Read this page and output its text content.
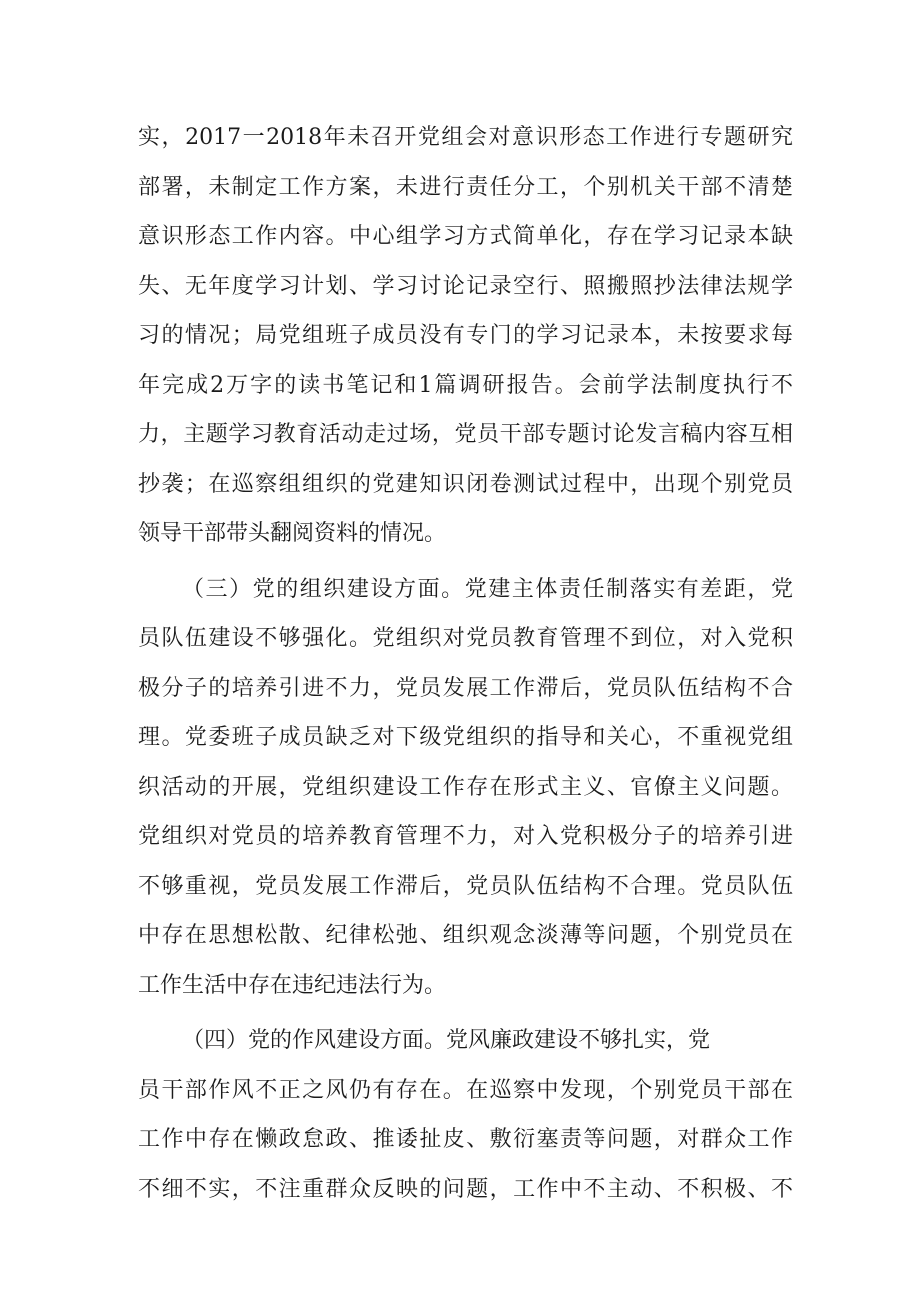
实，2017一2018年未召开党组会对意识形态工作进行专题研究
部署，未制定工作方案，未进行责任分工，个别机关干部不清楚
意识形态工作内容。中心组学习方式简单化，存在学习记录本缺
失、无年度学习计划、学习讨论记录空行、照搬照抄法律法规学
习的情况；局党组班子成员没有专门的学习记录本，未按要求每
年完成2万字的读书笔记和1篇调研报告。会前学法制度执行不
力，主题学习教育活动走过场，党员干部专题讨论发言稿内容互相
抄袭；在巡察组组织的党建知识闭卷测试过程中，出现个别党员
领导干部带头翻阅资料的情况。
（三）党的组织建设方面。党建主体责任制落实有差距，党
员队伍建设不够强化。党组织对党员教育管理不到位，对入党积
极分子的培养引进不力，党员发展工作滞后，党员队伍结构不合
理。党委班子成员缺乏对下级党组织的指导和关心，不重视党组
织活动的开展，党组织建设工作存在形式主义、官僚主义问题。
党组织对党员的培养教育管理不力，对入党积极分子的培养引进
不够重视，党员发展工作滞后，党员队伍结构不合理。党员队伍
中存在思想松散、纪律松弛、组织观念淡薄等问题，个别党员在
工作生活中存在违纪违法行为。
（四）党的作风建设方面。党风廉政建设不够扎实，党
员干部作风不正之风仍有存在。在巡察中发现，个别党员干部在
工作中存在懒政怠政、推诿扯皮、敷衍塞责等问题，对群众工作
不细不实，不注重群众反映的问题，工作中不主动、不积极、不
